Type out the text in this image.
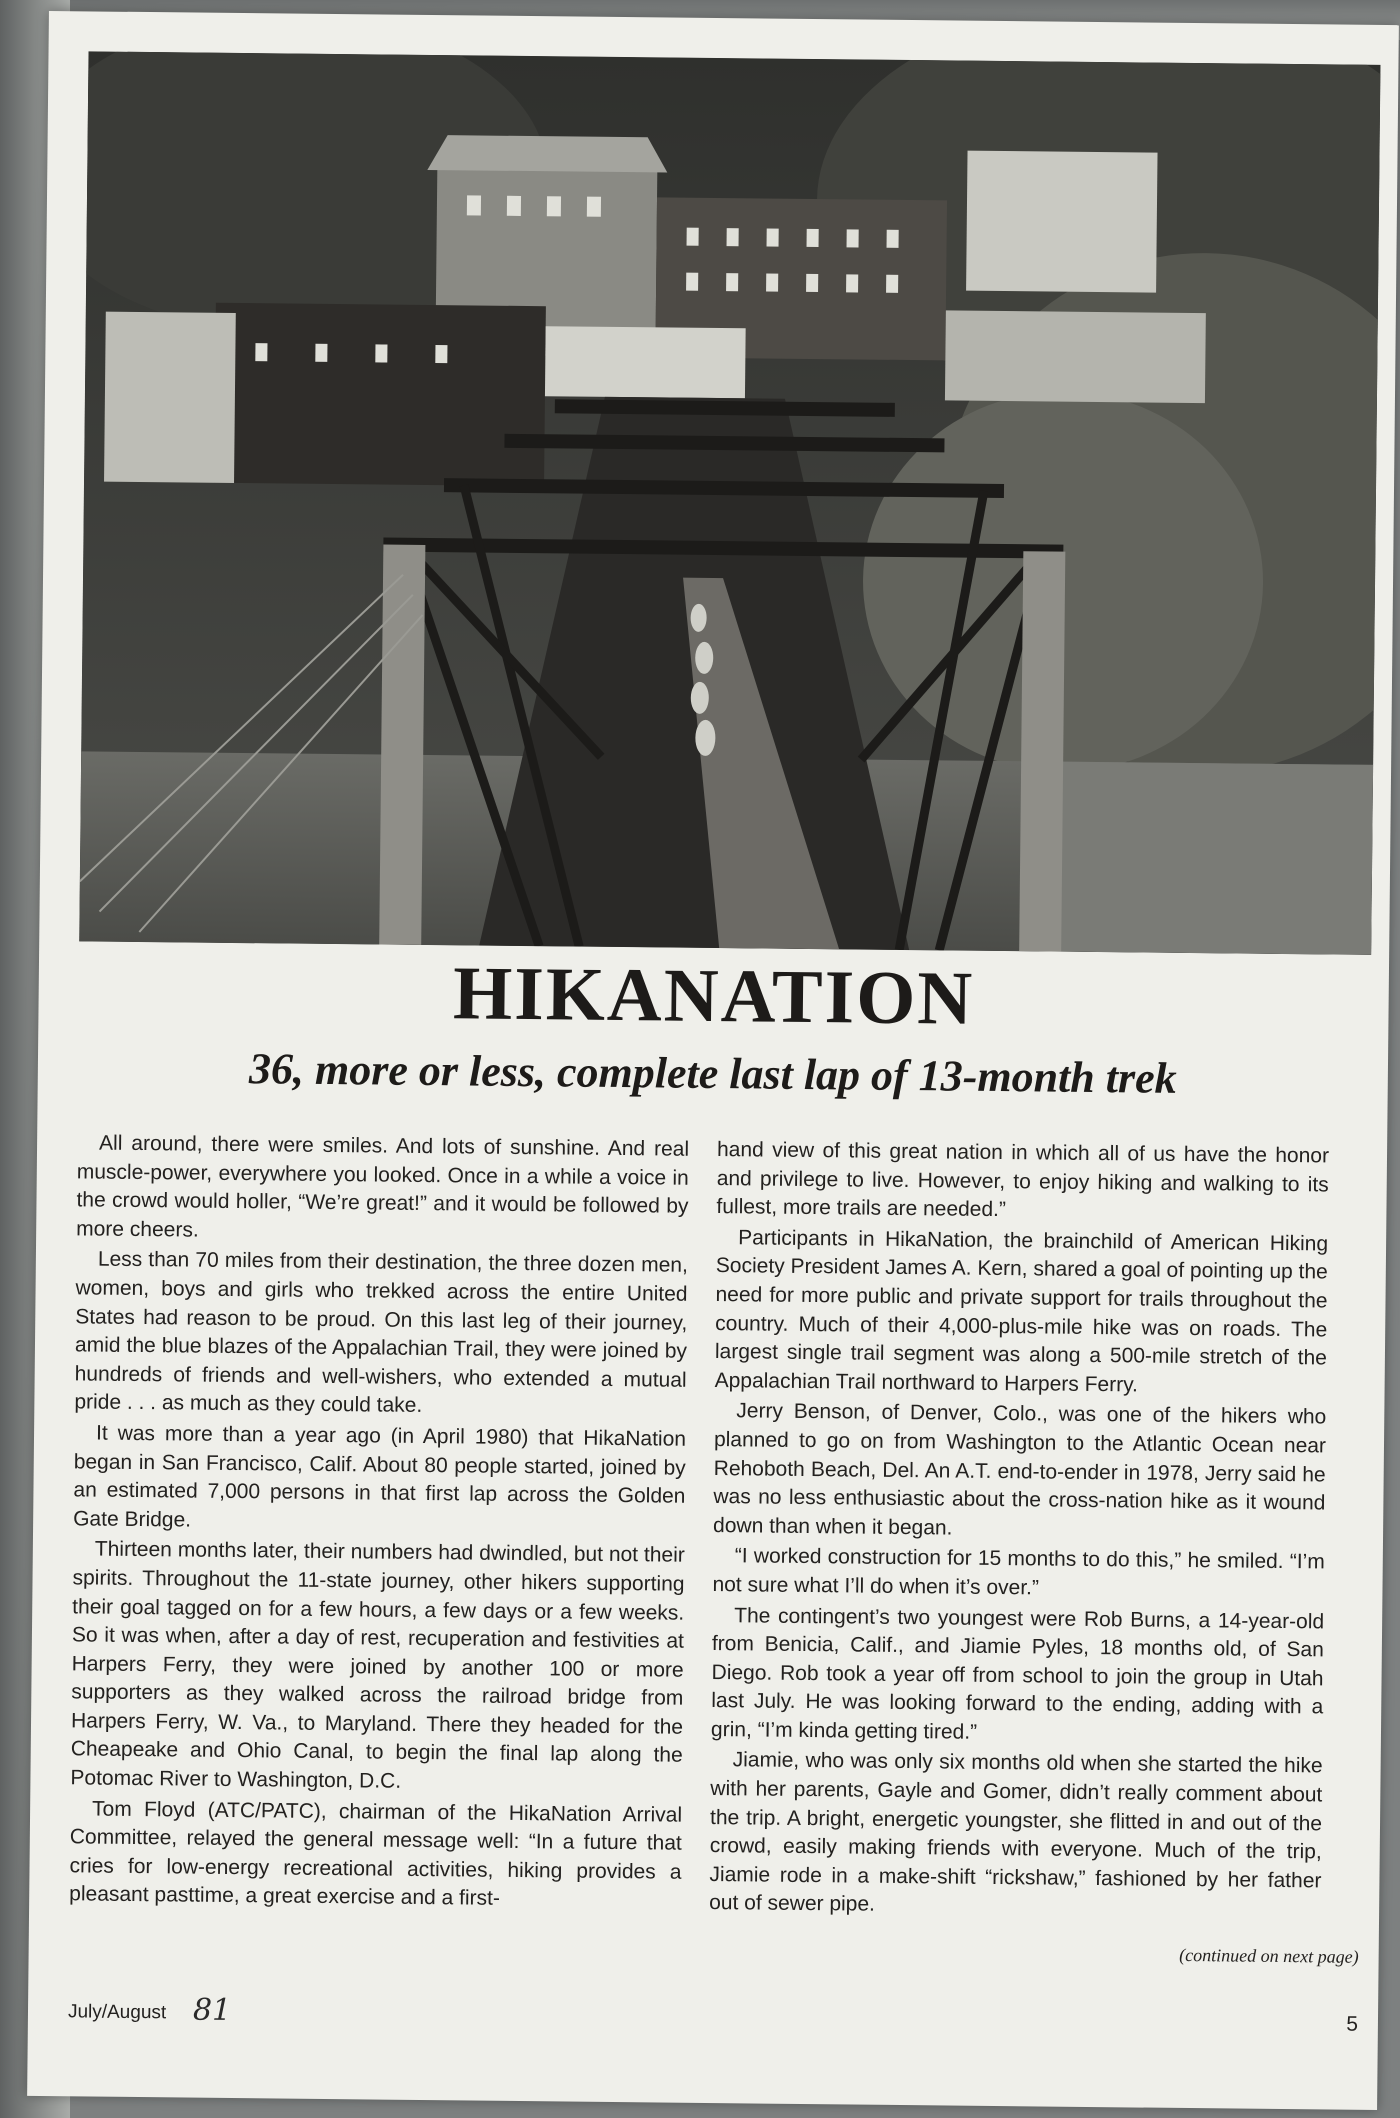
HIKANATION
36, more or less, complete last lap of 13-month trek

All around, there were smiles. And lots of sunshine. And real muscle-power, everywhere you looked. Once in a while a voice in the crowd would holler, “We’re great!” and it would be followed by more cheers.

Less than 70 miles from their destination, the three dozen men, women, boys and girls who trekked across the entire United States had reason to be proud. On this last leg of their journey, amid the blue blazes of the Appalachian Trail, they were joined by hundreds of friends and well-wishers, who extended a mutual pride . . . as much as they could take.

It was more than a year ago (in April 1980) that HikaNation began in San Francisco, Calif. About 80 people started, joined by an estimated 7,000 persons in that first lap across the Golden Gate Bridge.

Thirteen months later, their numbers had dwindled, but not their spirits. Throughout the 11-state journey, other hikers supporting their goal tagged on for a few hours, a few days or a few weeks. So it was when, after a day of rest, recuperation and festivities at Harpers Ferry, they were joined by another 100 or more supporters as they walked across the railroad bridge from Harpers Ferry, W. Va., to Maryland. There they headed for the Cheapeake and Ohio Canal, to begin the final lap along the Potomac River to Washington, D.C.

Tom Floyd (ATC/PATC), chairman of the HikaNation Arrival Committee, relayed the general message well: “In a future that cries for low-energy recreational activities, hiking provides a pleasant pasttime, a great exercise and a first-

hand view of this great nation in which all of us have the honor and privilege to live. However, to enjoy hiking and walking to its fullest, more trails are needed.”

Participants in HikaNation, the brainchild of American Hiking Society President James A. Kern, shared a goal of pointing up the need for more public and private support for trails throughout the country. Much of their 4,000-plus-mile hike was on roads. The largest single trail segment was along a 500-mile stretch of the Appalachian Trail northward to Harpers Ferry.

Jerry Benson, of Denver, Colo., was one of the hikers who planned to go on from Washington to the Atlantic Ocean near Rehoboth Beach, Del. An A.T. end-to-ender in 1978, Jerry said he was no less enthusiastic about the cross-nation hike as it wound down than when it began.

“I worked construction for 15 months to do this,” he smiled. “I’m not sure what I’ll do when it’s over.”

The contingent’s two youngest were Rob Burns, a 14-year-old from Benicia, Calif., and Jiamie Pyles, 18 months old, of San Diego. Rob took a year off from school to join the group in Utah last July. He was looking forward to the ending, adding with a grin, “I’m kinda getting tired.”

Jiamie, who was only six months old when she started the hike with her parents, Gayle and Gomer, didn’t really comment about the trip. A bright, energetic youngster, she flitted in and out of the crowd, easily making friends with everyone. Much of the trip, Jiamie rode in a make-shift “rickshaw,” fashioned by her father out of sewer pipe.

(continued on next page)
July/August 81	5
